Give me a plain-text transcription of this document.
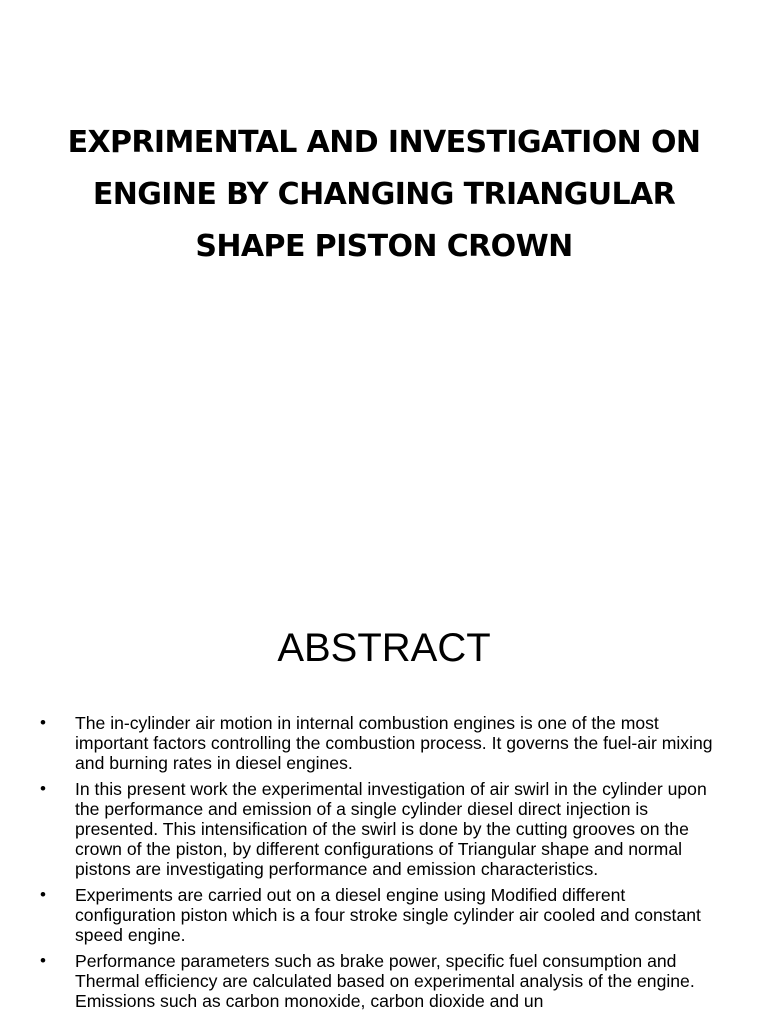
EXPRIMENTAL AND INVESTIGATION ON ENGINE BY CHANGING TRIANGULAR SHAPE PISTON CROWN
ABSTRACT
• The in-cylinder air motion in internal combustion engines is one of the most important factors controlling the combustion process. It governs the fuel-air mixing and burning rates in diesel engines.
• In this present work the experimental investigation of air swirl in the cylinder upon the performance and emission of a single cylinder diesel direct injection is presented. This intensification of the swirl is done by the cutting grooves on the crown of the piston, by different configurations of Triangular shape and normal pistons are investigating performance and emission characteristics.
• Experiments are carried out on a diesel engine using Modified different configuration piston which is a four stroke single cylinder air cooled and constant speed engine.
• Performance parameters such as brake power, specific fuel consumption and Thermal efficiency are calculated based on experimental analysis of the engine. Emissions such as carbon monoxide, carbon dioxide and un
